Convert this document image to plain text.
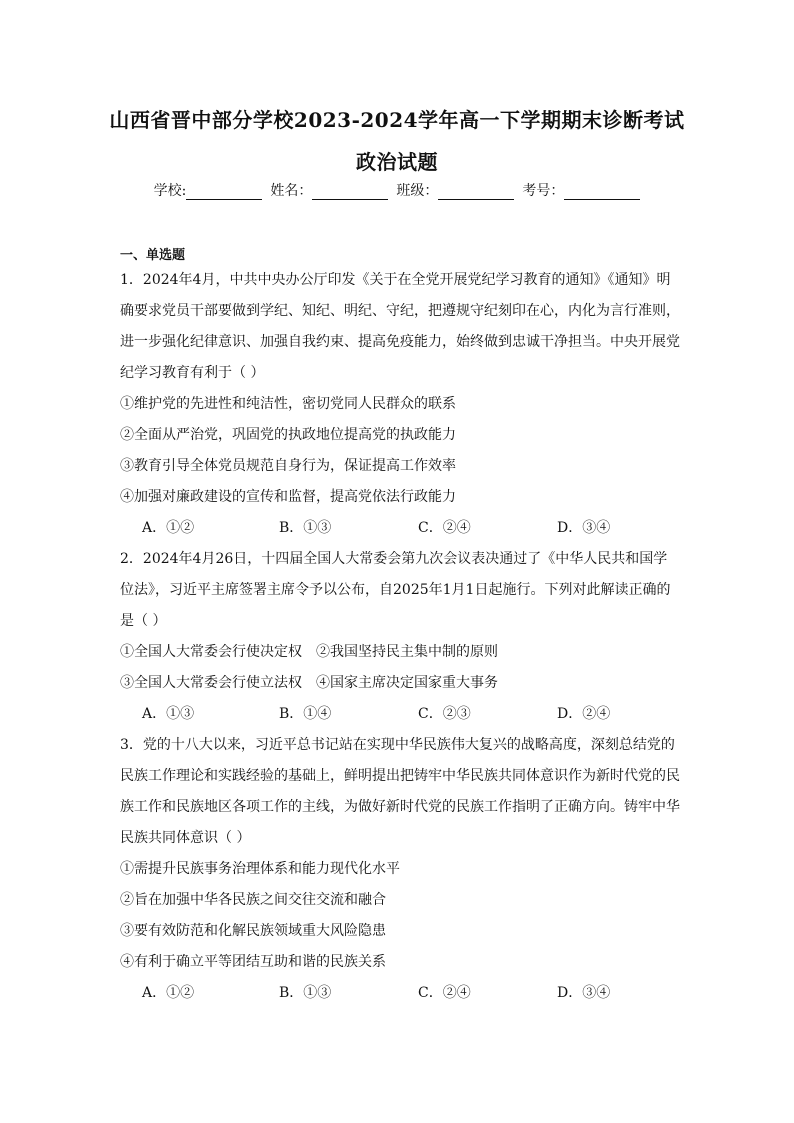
山西省晋中部分学校2023-2024学年高一下学期期末诊断考试
政治试题
学校:	姓名：	班级：	考号：
一、单选题

1．2024年4月，中共中央办公厅印发《关于在全党开展党纪学习教育的通知》《通知》明

确要求党员干部要做到学纪、知纪、明纪、守纪，把遵规守纪刻印在心，内化为言行准则，

进一步强化纪律意识、加强自我约束、提高免疫能力，始终做到忠诚干净担当。中央开展党

纪学习教育有利于（ ）

①维护党的先进性和纯洁性，密切党同人民群众的联系

②全面从严治党，巩固党的执政地位提高党的执政能力

③教育引导全体党员规范自身行为，保证提高工作效率

④加强对廉政建设的宣传和监督，提高党依法行政能力

A．①②	B．①③	C．②④	D．③④

2．2024年4月26日，十四届全国人大常委会第九次会议表决通过了《中华人民共和国学

位法》，习近平主席签署主席令予以公布，自2025年1月1日起施行。下列对此解读正确的

是（ ）

①全国人大常委会行使决定权　②我国坚持民主集中制的原则

③全国人大常委会行使立法权　④国家主席决定国家重大事务

A．①③	B．①④	C．②③	D．②④

3．党的十八大以来，习近平总书记站在实现中华民族伟大复兴的战略高度，深刻总结党的

民族工作理论和实践经验的基础上，鲜明提出把铸牢中华民族共同体意识作为新时代党的民

族工作和民族地区各项工作的主线，为做好新时代党的民族工作指明了正确方向。铸牢中华

民族共同体意识（ ）

①需提升民族事务治理体系和能力现代化水平

②旨在加强中华各民族之间交往交流和融合

③要有效防范和化解民族领域重大风险隐患

④有利于确立平等团结互助和谐的民族关系

A．①②	B．①③	C．②④	D．③④
